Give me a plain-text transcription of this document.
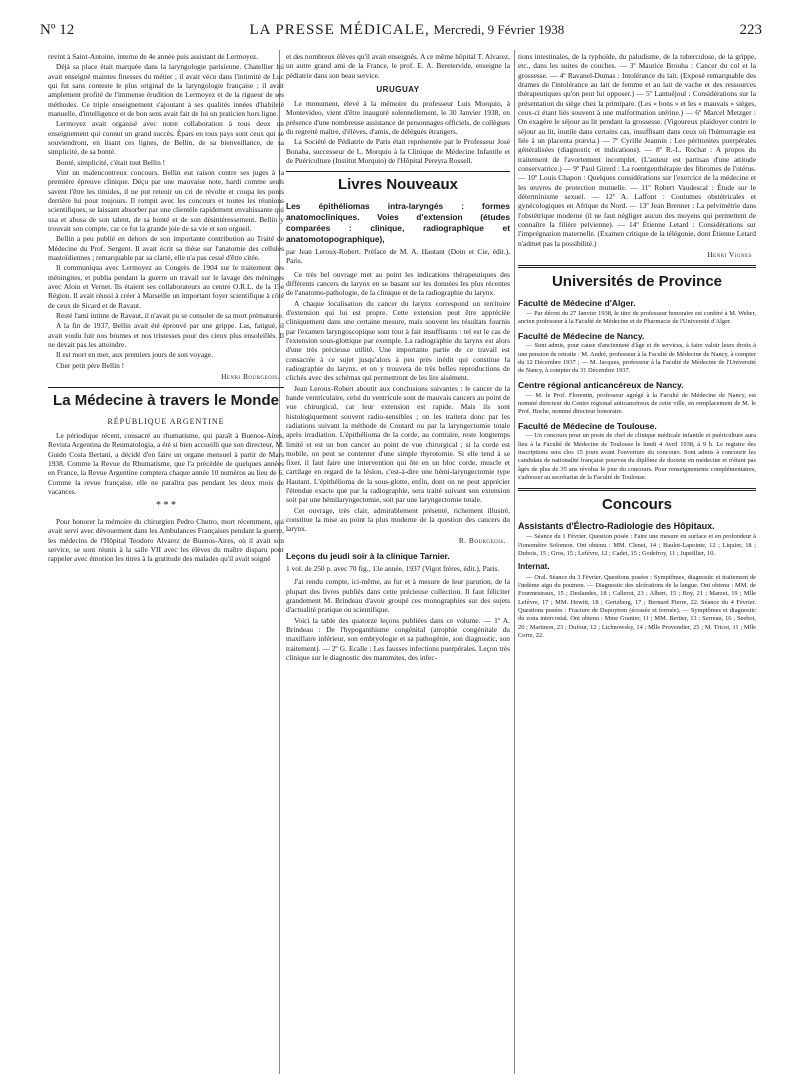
Nº 12	LA PRESSE MÉDICALE, Mercredi, 9 Février 1938	223

revint à Saint-Antoine, interne de 4e année puis assistant de Lermoyez.

Déjà sa place était marquée dans la laryngologie parisienne. Chatellier lui avait enseigné maintes finesses du métier ; il avait vécu dans l'intimité de Luc qui fut sans conteste le plus original de la laryngologie française ; il avait amplement profité de l'immense érudition de Lermoyez et de la rigueur de ses méthodes. Ce triple enseignement s'ajoutant à ses qualités innées d'habileté manuelle, d'intelligence et de bon sens avait fait de lui un praticien hors ligne.

Lermoyez avait organisé avec notre collaboration à tous deux un enseignement qui connut un grand succès. Épars en tous pays sont ceux qui se souviendront, en lisant ces lignes, de Bellin, de sa bienveillance, de sa simplicité, de sa bonté.

Bonté, simplicité, c'était tout Bellin !

Vint un malencontreux concours. Bellin eut raison contre ses juges à la première épreuve clinique. Déçu par une mauvaise note, hardi comme seuls savent l'être les timides, il ne put retenir un cri de révolte et coupa les ponts derrière lui pour toujours. Il rompit avec les concours et toutes les réunions scientifiques, se laissant absorber par une clientèle rapidement envahissante qui usa et abusa de son talent, de sa bonté et de son désintéressement. Bellin y trouvait son compte, car ce fut la grande joie de sa vie et son orgueil.

Bellin a peu publié en dehors de son importante contribution au Traité de Médecine du Prof. Sergent. Il avait écrit sa thèse sur l'anatomie des cellules mastoïdiennes ; remarquable par sa clarté, elle n'a pas cessé d'être citée.

Il communiqua avec Lermoyez au Congrès de 1904 sur le traitement des méningites, et publia pendant la guerre un travail sur le lavage des méninges avec Aloin et Vernet. Ils étaient ses collaborateurs au centre O.R.L. de la 15e Région. Il avait réussi à créer à Marseille un important foyer scientifique à côté de ceux de Sicard et de Ravaut.

Resté l'ami intime de Ravaut, il n'avait pu se consoler de sa mort prématurée.

A la fin de 1937, Bellin avait été éprouvé par une grippe. Las, fatigué, il avait voulu fuir nos brumes et nos tristesses pour des cieux plus ensoleillés. Il ne devait pas les atteindre.

Il est mort en mer, aux premiers jours de son voyage.

Cher petit père Bellin !

Henri Bourgeois.
La Médecine à travers le Monde
RÉPUBLIQUE ARGENTINE

Le périodique récent, consacré au rhumatisme, qui paraît à Buenos-Aires, Revista Argentina de Reumatologia, a été si bien accueilli que son directeur, M. Guido Costa Bertani, a décidé d'en faire un organe mensuel à partir de Mars 1938. Comme la Revue du Rhumatisme, que l'a précédée de quelques années en France, la Revue Argentine comptera chaque année 10 numéros au lieu de 6. Comme la revue française, elle ne paraîtra pas pendant les deux mois de vacances.

* * *

Pour honorer la mémoire du chirurgien Pedro Chutro, mort récemment, qui avait servi avec dévouement dans les Ambulances Françaises pendant la guerre, les médecins de l'Hôpital Teodoro Alvarez de Buenos-Aires, où il avait son service, se sont réunis à la salle VII avec les élèves du maître disparu pour rappeler avec émotion les titres à la gratitude des malades qu'il avait soigné

et des nombreux élèves qu'il avait enseignés. A ce même hôpital T. Alvarez, un autre grand ami de la France, le prof. E. A. Beretervide, enseigne la pédiatrie dans son beau service.

URUGUAY

Le monument, élevé à la mémoire du professeur Luis Morquio, à Montevideo, vient d'être inauguré solennellement, le 30 Janvier 1938, en présence d'une nombreuse assistance de personnages officiels, de collègues du regretté maître, d'élèves, d'amis, de délégués étrangers.

La Société de Pédiatrie de Paris était représentée par le Professeur José Bonaba, successeur de L. Morquio à la Clinique de Médecine Infantile et de Puériculture (Institut Morquio) de l'Hôpital Pereyra Rossell.

Livres Nouveaux
Les épithéliomas intra-laryngés : formes anatomocliniques. Voies d'extension (études comparées : clinique, radiographique et anatomotopographique),
par Jean Leroux-Robert. Préface de M. A. Hautant (Doin et Cie, édit.), Paris.

Ce très bel ouvrage met au point les indications thérapeutiques des différents cancers du larynx en se basant sur les données les plus récentes de l'anatomo-pathologie, de la clinique et de la radiographie du larynx.

A chaque localisation du cancer du larynx correspond un territoire d'extension qui lui est propre. Cette extension peut être appréciée cliniquement dans une certaine mesure, mais souvent les résultats fournis par l'examen laryngoscopique sont tout à fait insuffisants : tel est le cas de l'extension sous-glottique par exemple. La radiographie du larynx est alors d'une très précieuse utilité. Une importante partie de ce travail est consacrée à ce sujet jusqu'alors à peu près inédit qui constitue la radiographie du larynx, et on y trouvera de très belles reproductions de clichés avec des schémas qui permettront de les lire aisément.

Jean Leroux-Robert aboutit aux conclusions suivantes : le cancer de la bande ventriculaire, celui du ventricule sont de mauvais cancers au point de vue chirurgical, car leur extension est rapide. Mais ils sont histologiquement souvent radio-sensibles ; on les traitera donc par les radiations suivant la méthode de Coutard ou par la laryngectomie totale après irradiation. L'épithélioma de la corde, au contraire, reste longtemps limité et est un bon cancer au point de vue chirurgical ; si la corde est mobile, on peut se contenter d'une simple thyrotomie. Si elle tend à se fixer, il faut faire une intervention qui ôte en un bloc corde, muscle et cartilage en regard de la lésion, c'est-à-dire une hémi-laryngectomie type Hautant. L'épithélioma de la sous-glotte, enfin, dont on ne peut apprécier l'étendue exacte que par la radiographie, sera traité suivant son extension soit par une hémilaryngectomie, soit par une laryngectomie totale.

Cet ouvrage, très clair, admirablement présenté, richement illustré, constitue la mise au point la plus moderne de la question des cancers du larynx.

R. Bourgeois.
Leçons du jeudi soir à la clinique Tarnier.
1 vol. de 250 p. avec 70 fig., 13e année, 1937 (Vigot frères, édit.), Paris.

J'ai rendu compte, ici-même, au fur et à mesure de leur parution, de la plupart des livres publiés dans cette précieuse collection. Il faut féliciter grandement M. Brindeau d'avoir groupé ces monographies sur des sujets d'actualité pratique ou scientifique.

Voici la table des quatorze leçons publiées dans ce volume. — 1º A. Brindeau : De l'hypoganthisme congénital (atrophie congénitale du maxillaire inférieur, son embryologie et sa pathogénie, son diagnostic, son traitement). — 2º G. Ecalle : Les fausses infections puerpérales. Leçon très clinique sur le diagnostic des mammites, des infec-

tions intestinales, de la typhoïde, du paludisme, de la tuberculose, de la grippe, etc., dans les suites de couches. — 3º Maurice Brouha : Cancer du col et la grossesse. — 4º Ravanel-Dumas : Intolérance du lait. (Exposé remarquable des drames de l'intolérance au lait de femme et au lait de vache et des ressources thérapeutiques qu'on peut lui opposer.) — 5º Lantuéjoul : Considérations sur la présentation du siège chez la primipare. (Les « bons » et les « mauvais » sièges, ceux-ci étant liés souvent à une malformation utérine.) — 6º Marcel Metzger : On exagère le séjour au lit pendant la grossesse. (Vigoureux plaidoyer contre le séjour au lit, inutile dans certains cas, insuffisant dans ceux où l'hémorragie est liée à un placenta prævia.) — 7º Cyrille Jeannin : Les péritonites puerpérales généralisées (diagnostic et indications). — 8º R.-L. Rochat : A propos du traitement de l'avortement incomplet. (L'auteur est partisan d'une attitude conservatrice.) — 9º Paul Girerd : La roentgenthérapie des fibromes de l'utérus. — 10º Louis Chapon : Quelques considérations sur l'exercice de la médecine et les œuvres de protection mutuelle. — 11º Robert Vaudescal : Étude sur le déterminisme sexuel. — 12º A. Laffont : Coutumes obstétricales et gynécologiques en Afrique du Nord. — 13º Jean Brenner : La pelvimétrie dans l'obstétrique moderne (il ne faut négliger aucun des moyens qui permettent de connaître la filière pelvienne). — 14º Étienne Letard : Considérations sur l'imprégnation maternelle. (Examen critique de la télégonie, dont Étienne Letard n'admet pas la possibilité.)

Henri Vignes
Universités de Province
Faculté de Médecine d'Alger.

— Par décret du 27 Janvier 1938, le titre de professeur honoraire est conféré à M. Weber, ancien professeur à la Faculté de Médecine et de Pharmacie de l'Université d'Alger.

Faculté de Médecine de Nancy.

— Sont admis, pour cause d'ancienneté d'âge et de services, à faire valoir leurs droits à une pension de retraite : M. André, professeur à la Faculté de Médecine de Nancy, à compter du 12 Décembre 1937 ; — M. Jacques, professeur à la Faculté de Médecine de l'Université de Nancy, à compter du 31 Décembre 1937.

Centre régional anticancéreux de Nancy.

— M. le Prof. Florentin, professeur agrégé à la Faculté de Médecine de Nancy, est nommé directeur du Centre régional anticancéreux de cette ville, en remplacement de M. le Prof. Hoche, nommé directeur honoraire.

Faculté de Médecine de Toulouse.

— Un concours pour un poste de chef de clinique médicale infantile et puériculture aura lieu à la Faculté de Médecine de Toulouse le lundi 4 Avril 1938, à 9 h. Le registre des inscriptions sera clos 15 jours avant l'ouverture du concours. Sont admis à concourir les candidats de nationalité française pourvus du diplôme de docteur en médecine et n'étant pas âgés de plus de 35 ans révolus le jour du concours. Pour renseignements complémentaires, s'adresser au secrétariat de la Faculté de Toulouse.

Concours
Assistants d'Électro-Radiologie des Hôpitaux.

— Séance du 1 Février. Question posée : Faire une mesure en surface et en profondeur à l'ionomètre Solomon. Ont obtenu : MM. Clenet, 14 ; Baulot-Lapointe, 12 ; Liquier, 18 ; Dubois, 15 ; Gros, 15 ; Lefèvre, 12 ; Cadet, 15 ; Godefroy, 11 ; Jupeillier, 10.

Internat.

— Oral. Séance du 3 Février. Questions posées : Symptômes, diagnostic et traitement de l'œdème aigu du poumon. — Diagnostic des ulcérations de la langue. Ont obtenu : MM. de Fourmestraux, 15 ; Deslandes, 18 ; Callerot, 23 ; Albert, 15 ; Boy, 21 ; Marzet, 19 ; Mlle Lefèvre, 17 ; MM. Hewitt, 18 ; Gertzberg, 17 ; Bernard Pierre, 22. Séance du 4 Février. Questions posées : Fracture de Dupuytren (écrasée et fermée). — Symptômes et diagnostic du zona intercostal. Ont obtenu : Mme Granier, 11 ; MM. Bertier, 13 ; Serreau, 16 ; Seebot, 20 ; Martinon, 23 ; Dufour, 12 ; Lichnowsky, 14 ; Mlle Provendier, 25 ; M. Tricot, 11 ; Mlle Corre, 22.
